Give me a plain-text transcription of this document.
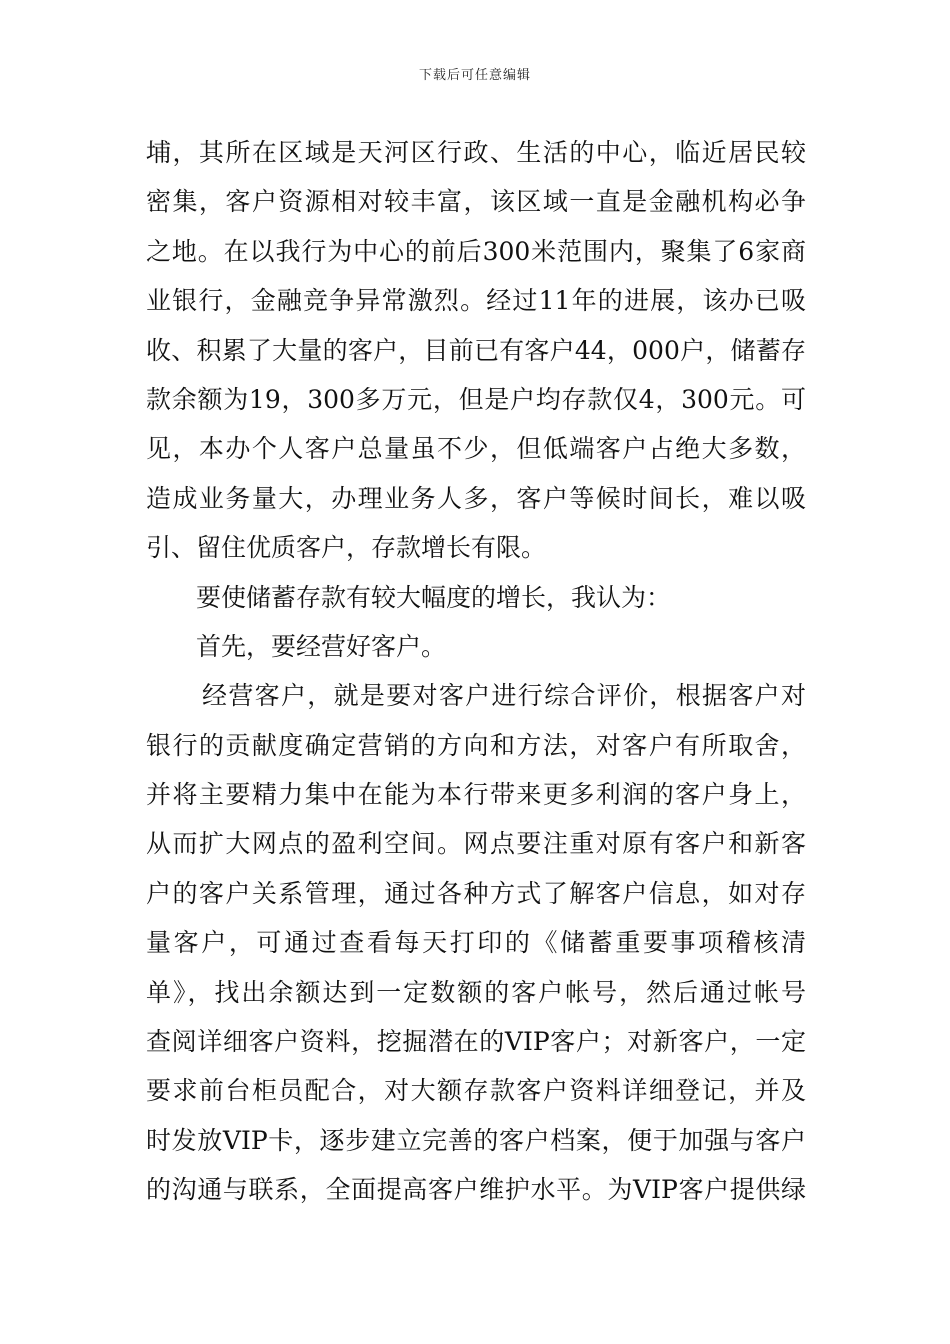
下载后可任意编辑
埔，其所在区域是天河区行政、生活的中心，临近居民较
密集，客户资源相对较丰富，该区域一直是金融机构必争
之地。在以我行为中心的前后300米范围内，聚集了6家商
业银行，金融竞争异常激烈。经过11年的进展，该办已吸
收、积累了大量的客户，目前已有客户44，000户，储蓄存
款余额为19，300多万元，但是户均存款仅4，300元。可
见，本办个人客户总量虽不少，但低端客户占绝大多数，
造成业务量大，办理业务人多，客户等候时间长，难以吸
引、留住优质客户，存款增长有限。
要使储蓄存款有较大幅度的增长，我认为：
首先，要经营好客户。
经营客户，就是要对客户进行综合评价，根据客户对
银行的贡献度确定营销的方向和方法，对客户有所取舍，
并将主要精力集中在能为本行带来更多利润的客户身上，
从而扩大网点的盈利空间。网点要注重对原有客户和新客
户的客户关系管理，通过各种方式了解客户信息，如对存
量客户，可通过查看每天打印的《储蓄重要事项稽核清
单》，找出余额达到一定数额的客户帐号，然后通过帐号
查阅详细客户资料，挖掘潜在的VIP客户；对新客户，一定
要求前台柜员配合，对大额存款客户资料详细登记，并及
时发放VIP卡，逐步建立完善的客户档案，便于加强与客户
的沟通与联系，全面提高客户维护水平。为VIP客户提供绿
